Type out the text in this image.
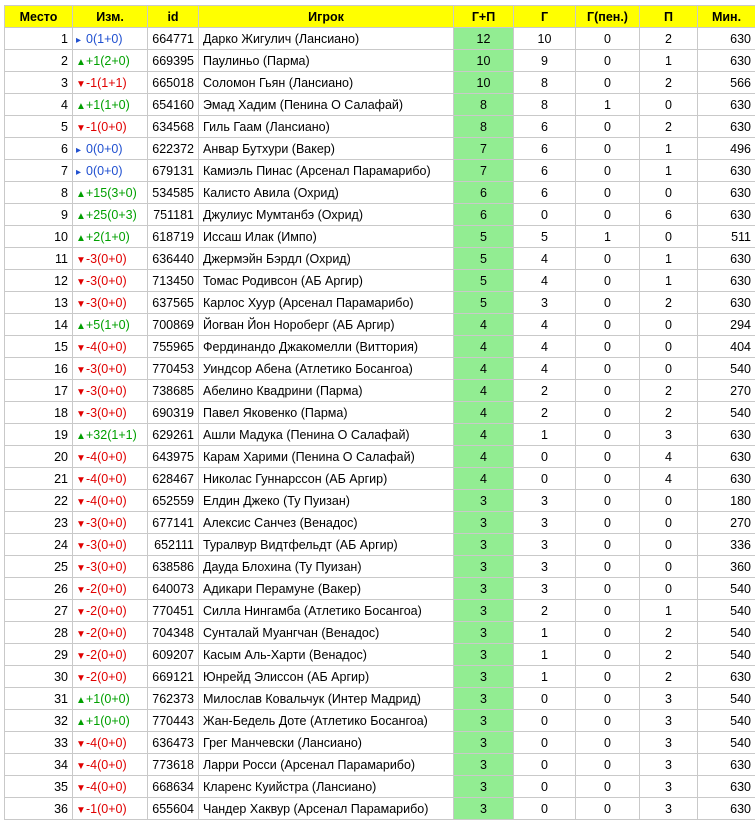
Место	Изм.	id	Игрок	Г+П	Г	Г(пен.)	П	Мин.
1	▸ 0(1+0)	664771	Дарко Жигулич (Лансиано)	12	10	0	2	630
2	▲+1(2+0)	669395	Паулиньо (Парма)	10	9	0	1	630
3	▼-1(1+1)	665018	Соломон Гьян (Лансиано)	10	8	0	2	566
4	▲+1(1+0)	654160	Эмад Хадим (Пенина О Салафай)	8	8	1	0	630
5	▼-1(0+0)	634568	Гиль Гаам (Лансиано)	8	6	0	2	630
6	▸ 0(0+0)	622372	Анвар Бутхури (Вакер)	7	6	0	1	496
7	▸ 0(0+0)	679131	Камиэль Пинас (Арсенал Парамарибо)	7	6	0	1	630
8	▲+15(3+0)	534585	Калисто Авила (Охрид)	6	6	0	0	630
9	▲+25(0+3)	751181	Джулиус Мумтанбэ (Охрид)	6	0	0	6	630
10	▲+2(1+0)	618719	Иссаш Илак (Импо)	5	5	1	0	511
11	▼-3(0+0)	636440	Джермэйн Бэрдл (Охрид)	5	4	0	1	630
12	▼-3(0+0)	713450	Томас Родивсон (АБ Аргир)	5	4	0	1	630
13	▼-3(0+0)	637565	Карлос Хуур (Арсенал Парамарибо)	5	3	0	2	630
14	▲+5(1+0)	700869	Йогван Йон Нороберг (АБ Аргир)	4	4	0	0	294
15	▼-4(0+0)	755965	Фердинандо Джакомелли (Виттория)	4	4	0	0	404
16	▼-3(0+0)	770453	Уиндсор Абена (Атлетико Босангоа)	4	4	0	0	540
17	▼-3(0+0)	738685	Абелино Квадрини (Парма)	4	2	0	2	270
18	▼-3(0+0)	690319	Павел Яковенко (Парма)	4	2	0	2	540
19	▲+32(1+1)	629261	Ашли Мадука (Пенина О Салафай)	4	1	0	3	630
20	▼-4(0+0)	643975	Карам Харими (Пенина О Салафай)	4	0	0	4	630
21	▼-4(0+0)	628467	Николас Гуннарссон (АБ Аргир)	4	0	0	4	630
22	▼-4(0+0)	652559	Елдин Джеко (Ту Пуизан)	3	3	0	0	180
23	▼-3(0+0)	677141	Алексис Санчез (Венадос)	3	3	0	0	270
24	▼-3(0+0)	652111	Туралвур Видтфельдт (АБ Аргир)	3	3	0	0	336
25	▼-3(0+0)	638586	Дауда Блохина (Ту Пуизан)	3	3	0	0	360
26	▼-2(0+0)	640073	Адикари Перамуне (Вакер)	3	3	0	0	540
27	▼-2(0+0)	770451	Силла Нингамба (Атлетико Босангоа)	3	2	0	1	540
28	▼-2(0+0)	704348	Сунталай Муангчан (Венадос)	3	1	0	2	540
29	▼-2(0+0)	609207	Касым Аль-Харти (Венадос)	3	1	0	2	540
30	▼-2(0+0)	669121	Юнрейд Элиссон (АБ Аргир)	3	1	0	2	630
31	▲+1(0+0)	762373	Милослав Ковальчук (Интер Мадрид)	3	0	0	3	540
32	▲+1(0+0)	770443	Жан-Бедель Доте (Атлетико Босангоа)	3	0	0	3	540
33	▼-4(0+0)	636473	Грег Манчевски (Лансиано)	3	0	0	3	540
34	▼-4(0+0)	773618	Ларри Росси (Арсенал Парамарибо)	3	0	0	3	630
35	▼-4(0+0)	668634	Кларенс Куийстра (Лансиано)	3	0	0	3	630
36	▼-1(0+0)	655604	Чандер Хаквур (Арсенал Парамарибо)	3	0	0	3	630
